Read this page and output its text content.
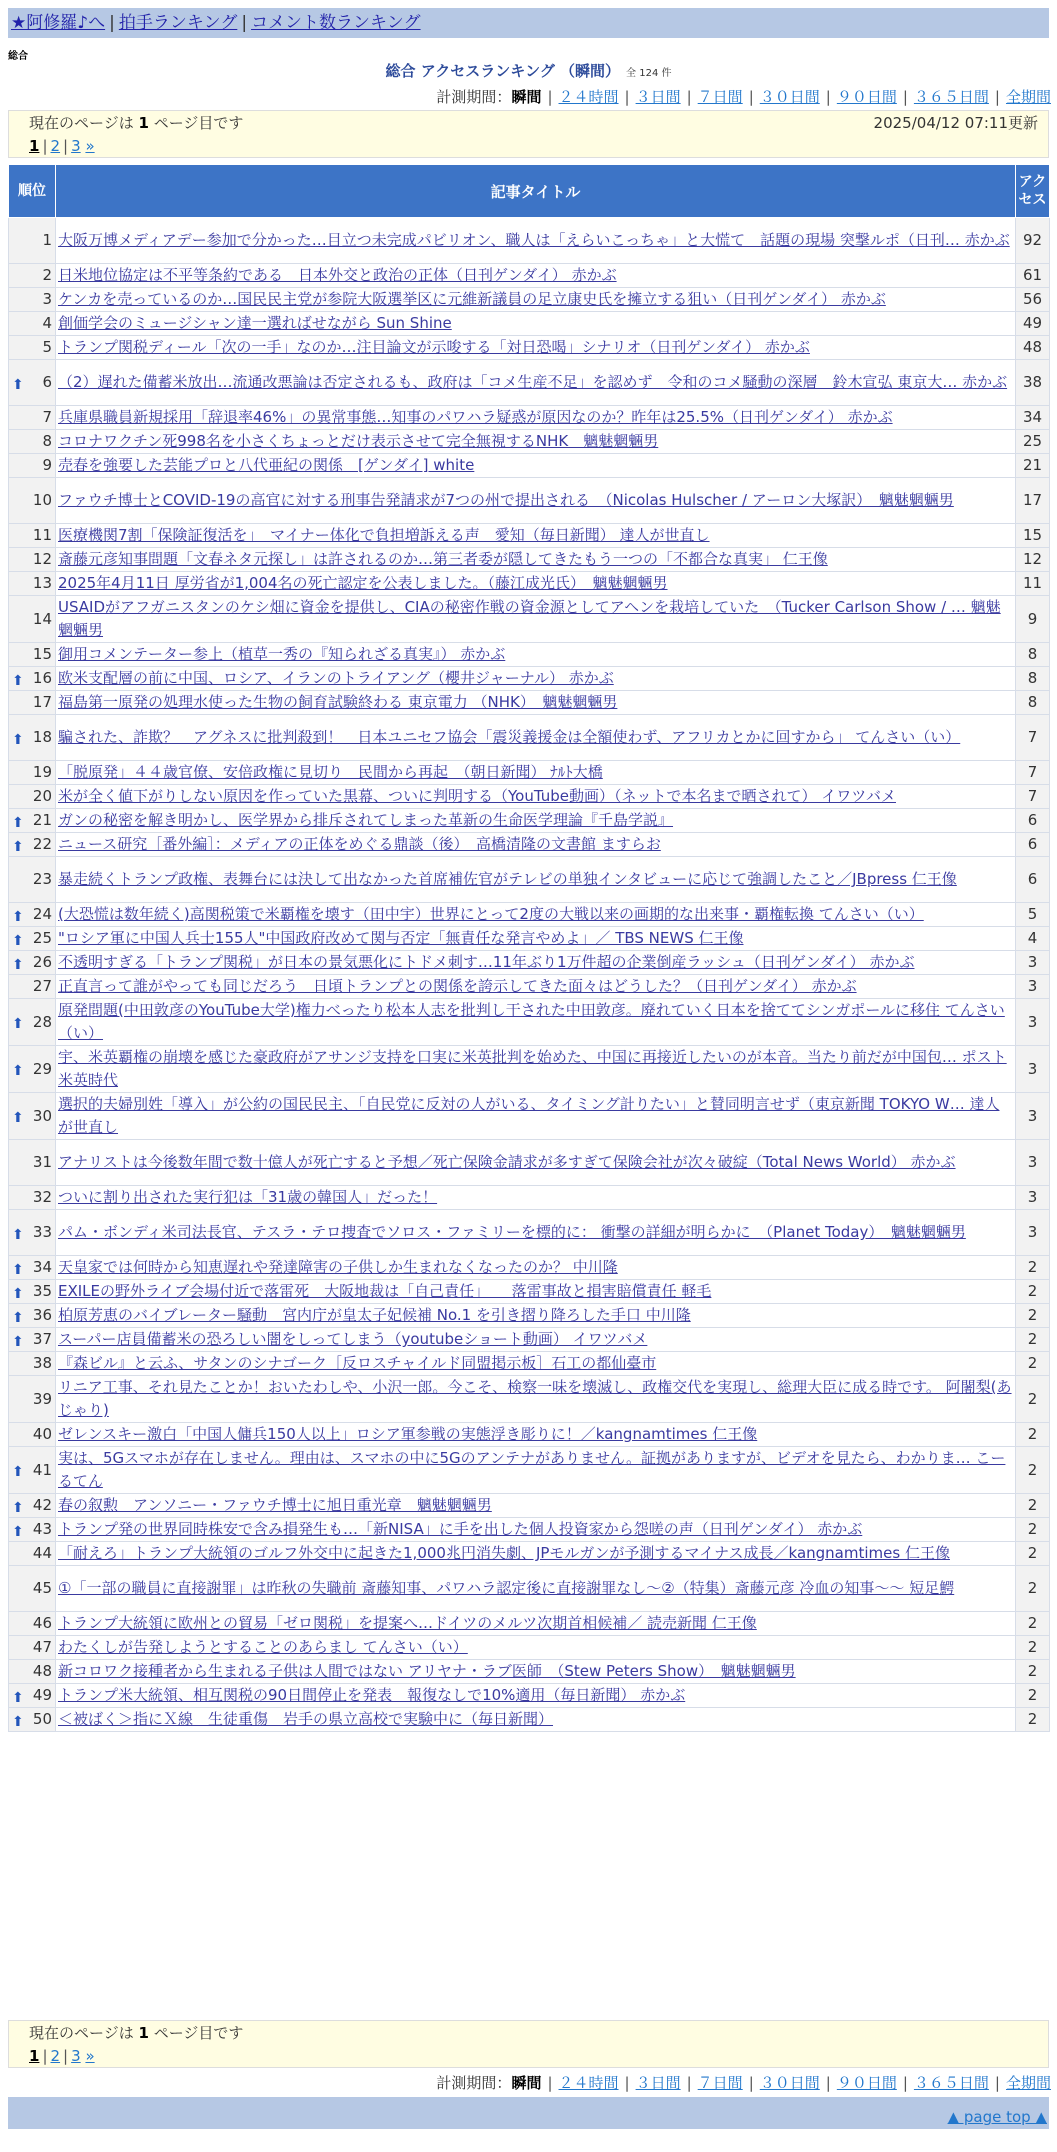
★阿修羅♪へ | 拍手ランキング | コメント数ランキング
総合
総合 アクセスランキング （瞬間） 全 124 件
計測期間：瞬間 | ２４時間 | ３日間 | ７日間 | ３０日間 | ９０日間 | ３６５日間 | 全期間
現在のページは 1 ページ目です	2025/04/12 07:11更新
1 | 2 | 3 »
順位	記事タイトル	アクセス
1	大阪万博メディアデー参加で分かった…目立つ未完成パビリオン、職人は「えらいこっちゃ」と大慌て　話題の現場 突撃ルポ（日刊… 赤かぶ	92
2	日米地位協定は不平等条約である　日本外交と政治の正体（日刊ゲンダイ） 赤かぶ	61
3	ケンカを売っているのか…国民民主党が参院大阪選挙区に元維新議員の足立康史氏を擁立する狙い（日刊ゲンダイ） 赤かぶ	56
4	創価学会のミュージシャン達一選ればせながら Sun Shine	49
5	トランプ関税ディール「次の一手」なのか…注目論文が示唆する「対日恐喝」シナリオ（日刊ゲンダイ） 赤かぶ	48

⬆ 6	（2）遅れた備蓄米放出…流通改悪論は否定されるも、政府は「コメ生産不足」を認めず　令和のコメ騒動の深層　鈴木宣弘 東京大… 赤かぶ	38
7	兵庫県職員新規採用「辞退率46%」の異常事態…知事のパワハラ疑惑が原因なのか？昨年は25.5%（日刊ゲンダイ） 赤かぶ	34
8	コロナワクチン死998名を小さくちょっとだけ表示させて完全無視するNHK　魑魅魍魎男	25
9	売春を強要した芸能プロと八代亜紀の関係　[ゲンダイ] white	21
10	ファウチ博士とCOVID-19の高官に対する刑事告発請求が7つの州で提出される　（Nicolas Hulscher / アーロン大塚訳）　魑魅魍魎男	17
11	医療機関7割「保険証復活を」　マイナー体化で負担増訴える声　愛知（毎日新聞） 達人が世直し	15
12	斎藤元彦知事問題「文春ネタ元探し」は許されるのか…第三者委が隠してきたもう一つの「不都合な真実」 仁王像	12
13	2025年4月11日 厚労省が1,004名の死亡認定を公表しました。（藤江成光氏）　魑魅魍魎男	11
14	USAIDがアフガニスタンのケシ畑に資金を提供し、CIAの秘密作戦の資金源としてアヘンを栽培していた　（Tucker Carlson Show / … 魑魅魍魎男	9
15	御用コメンテーター参上（植草一秀の『知られざる真実』） 赤かぶ	8

⬆ 16	欧米支配層の前に中国、ロシア、イランのトライアング（櫻井ジャーナル） 赤かぶ	8
17	福島第一原発の処理水使った生物の飼育試験終わる 東京電力 （NHK）　魑魅魍魎男	8

⬆ 18	騙された、詐欺？　アグネスに批判殺到！　日本ユニセフ協会「震災義援金は全額使わず、アフリカとかに回すから」 てんさい（い）	7
19	「脱原発」４４歳官僚、安倍政権に見切り　民間から再起　（朝日新聞） ﾅﾙﾄ大橋	7
20	米が全く値下がりしない原因を作っていた黒幕、ついに判明する（YouTube動画）（ネットで本名まで晒されて） イワツバメ	7

⬆ 21	ガンの秘密を解き明かし、医学界から排斥されてしまった革新の生命医学理論『千島学説』	6

⬆ 22	ニュース研究［番外編］：メディアの正体をめぐる鼎談（後）　高橋清隆の文書館 ますらお	6
23	暴走続くトランプ政権、表舞台には決して出なかった首席補佐官がテレビの単独インタビューに応じて強調したこと／JBpress 仁王像	6

⬆ 24	(大恐慌は数年続く)高関税策で米覇権を壊す（田中宇）世界にとって2度の大戦以来の画期的な出来事・覇権転換 てんさい（い）	5

⬆ 25	"ロシア軍に中国人兵士155人"中国政府改めて関与否定「無責任な発言やめよ」／ TBS NEWS 仁王像	4

⬆ 26	不透明すぎる「トランプ関税」が日本の景気悪化にトドメ刺す…11年ぶり1万件超の企業倒産ラッシュ（日刊ゲンダイ） 赤かぶ	3
27	正直言って誰がやっても同じだろう　日頃トランプとの関係を誇示してきた面々はどうした？（日刊ゲンダイ） 赤かぶ	3

⬆ 28	原発問題(中田敦彦のYouTube大学)権力べったり松本人志を批判し干された中田敦彦。廃れていく日本を捨ててシンガポールに移住 てんさい（い）	3

⬆ 29	宇、米英覇権の崩壊を感じた豪政府がアサンジ支持を口実に米英批判を始めた、中国に再接近したいのが本音。当たり前だが中国包… ポスト米英時代	3

⬆ 30	選択的夫婦別姓「導入」が公約の国民民主、「自民党に反対の人がいる、タイミング計りたい」と賛同明言せず（東京新聞 TOKYO W… 達人が世直し	3
31	アナリストは今後数年間で数十億人が死亡すると予想／死亡保険金請求が多すぎて保険会社が次々破綻（Total News World） 赤かぶ	3
32	ついに割り出された実行犯は「31歳の韓国人」だった！	3

⬆ 33	パム・ボンディ米司法長官、テスラ・テロ捜査でソロス・ファミリーを標的に： 衝撃の詳細が明らかに　（Planet Today）　魑魅魍魎男	3

⬆ 34	天皇家では何時から知恵遅れや発達障害の子供しか生まれなくなったのか？ 中川隆	2

⬆ 35	EXILEの野外ライブ会場付近で落雷死　大阪地裁は「自己責任」　　落雷事故と損害賠償責任 軽毛	2

⬆ 36	柏原芳恵のバイブレーター騒動　宮内庁が皇太子妃候補 No.1 を引き摺り降ろした手口 中川隆	2

⬆ 37	スーパー店員備蓄米の恐ろしい闇をしってしまう（youtubeショート動画） イワツバメ	2
38	『森ビル』と云ふ、サタンのシナゴーク［反ロスチャイルド同盟掲示板］石工の都仙臺市	2
39	リニア工事、それ見たことか！おいたわしや、小沢一郎。今こそ、検察一味を壊滅し、政権交代を実現し、総理大臣に成る時です。 阿闍梨(あじゃり)	2
40	ゼレンスキー激白「中国人傭兵150人以上」ロシア軍参戦の実態浮き彫りに！／kangnamtimes 仁王像	2

⬆ 41	実は、5Gスマホが存在しません。理由は、スマホの中に5Gのアンテナがありません。証拠がありますが、ビデオを見たら、わかりま… こーるてん	2

⬆ 42	春の叙勲　アンソニー・ファウチ博士に旭日重光章　魑魅魍魎男	2

⬆ 43	トランプ発の世界同時株安で含み損発生も…「新NISA」に手を出した個人投資家から怨嗟の声（日刊ゲンダイ） 赤かぶ	2
44	「耐えろ」トランプ大統領のゴルフ外交中に起きた1,000兆円消失劇、JPモルガンが予測するマイナス成長／kangnamtimes 仁王像	2
45	①「一部の職員に直接謝罪」は昨秋の失職前 斎藤知事、パワハラ認定後に直接謝罪なし～②（特集）斎藤元彦 冷血の知事～～ 短足鰐	2
46	トランプ大統領に欧州との貿易「ゼロ関税」を提案へ…ドイツのメルツ次期首相候補／ 読売新聞 仁王像	2
47	わたくしが告発しようとすることのあらまし てんさい（い）	2
48	新コロワク接種者から生まれる子供は人間ではない アリヤナ・ラブ医師　（Stew Peters Show）　魑魅魍魎男	2

⬆ 49	トランプ米大統領、相互関税の90日間停止を発表　報復なしで10%適用（毎日新聞） 赤かぶ	2

⬆ 50	＜被ばく＞指にＸ線　生徒重傷　岩手の県立高校で実験中に（毎日新聞）	2
現在のページは 1 ページ目です
1 | 2 | 3 »
計測期間：瞬間 | ２４時間 | ３日間 | ７日間 | ３０日間 | ９０日間 | ３６５日間 | 全期間
▲ page top ▲
